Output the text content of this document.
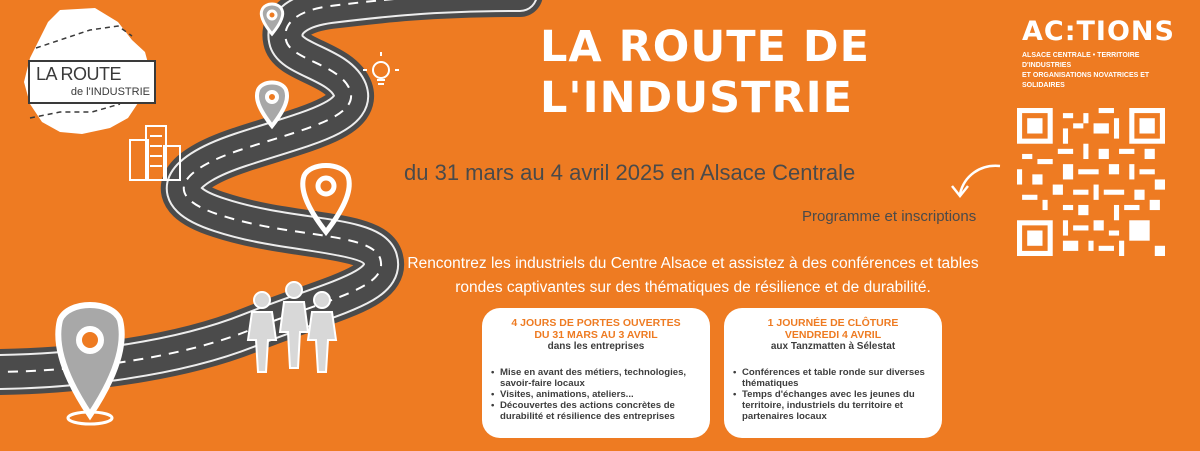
LA ROUTE
de l'INDUSTRIE
LA ROUTE DE
L'INDUSTRIE
du 31 mars au 4 avril 2025 en Alsace Centrale
Programme et inscriptions
Rencontrez les industriels du Centre Alsace et assistez à des conférences et tables rondes captivantes sur des thématiques de résilience et de durabilité.
4 JOURS DE PORTES OUVERTES
DU 31 MARS AU 3 AVRIL
dans les entreprises
• Mise en avant des métiers, technologies, savoir-faire locaux
• Visites, animations, ateliers...
• Découvertes des actions concrètes de durabilité et résilience des entreprises
1 JOURNÉE DE CLÔTURE
VENDREDI 4 AVRIL
aux Tanzmatten à Sélestat
• Conférences et table ronde sur diverses thématiques
• Temps d'échanges avec les jeunes du territoire, industriels du territoire et partenaires locaux
AC:TIONS
ALSACE CENTRALE • TERRITOIRE D'INDUSTRIES
ET ORGANISATIONS NOVATRICES ET SOLIDAIRES
